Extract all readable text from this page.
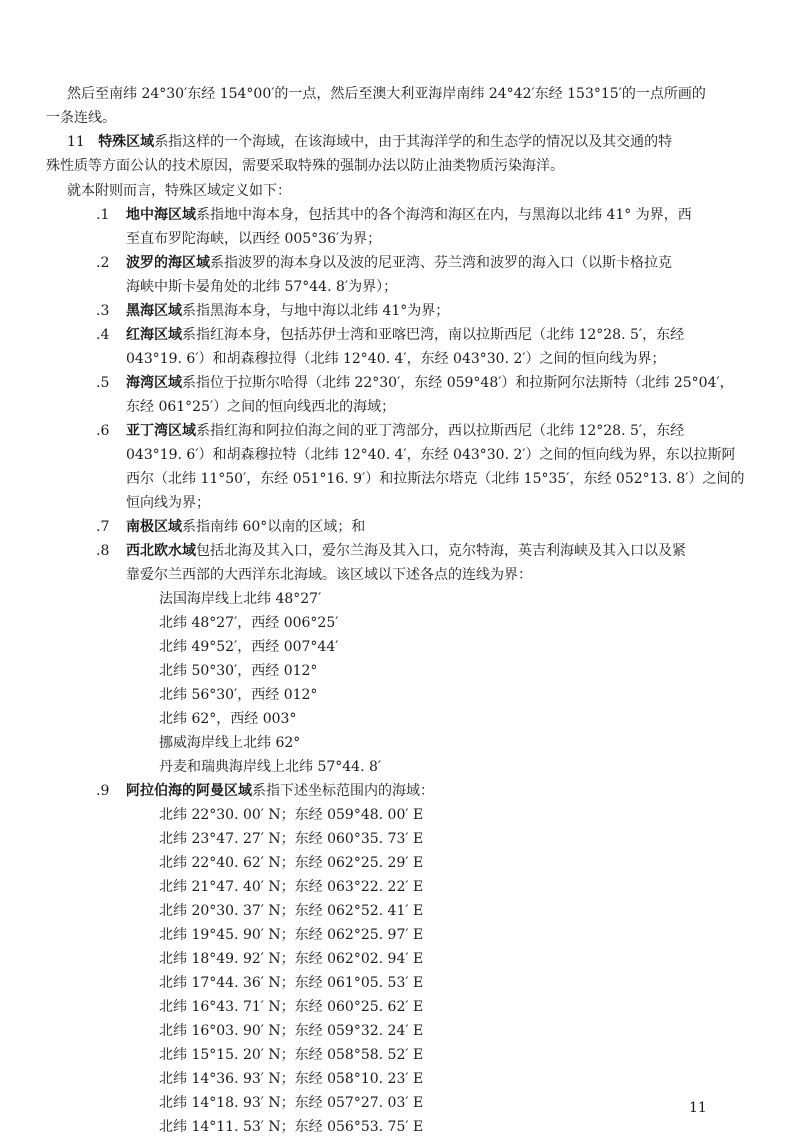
然后至南纬 24°30′东经 154°00′的一点，然后至澳大利亚海岸南纬 24°42′东经 153°15′的一点所画的
一条连线。
11 特殊区域系指这样的一个海域，在该海域中，由于其海洋学的和生态学的情况以及其交通的特
殊性质等方面公认的技术原因，需要采取特殊的强制办法以防止油类物质污染海洋。
就本附则而言，特殊区域定义如下：
.1 地中海区域系指地中海本身，包括其中的各个海湾和海区在内，与黑海以北纬 41° 为界，西
至直布罗陀海峡，以西经 005°36′为界；
.2 波罗的海区域系指波罗的海本身以及波的尼亚湾、芬兰湾和波罗的海入口（以斯卡格拉克
海峡中斯卡晏角处的北纬 57°44. 8′为界）；
.3 黑海区域系指黑海本身，与地中海以北纬 41°为界；
.4 红海区域系指红海本身，包括苏伊士湾和亚喀巴湾，南以拉斯西尼（北纬 12°28. 5′，东经
043°19. 6′）和胡森穆拉得（北纬 12°40. 4′，东经 043°30. 2′）之间的恒向线为界；
.5 海湾区域系指位于拉斯尔哈得（北纬 22°30′，东经 059°48′）和拉斯阿尔法斯特（北纬 25°04′，
东经 061°25′）之间的恒向线西北的海域；
.6 亚丁湾区域系指红海和阿拉伯海之间的亚丁湾部分，西以拉斯西尼（北纬 12°28. 5′，东经
043°19. 6′）和胡森穆拉特（北纬 12°40. 4′，东经 043°30. 2′）之间的恒向线为界，东以拉斯阿
西尔（北纬 11°50′，东经 051°16. 9′）和拉斯法尔塔克（北纬 15°35′，东经 052°13. 8′）之间的
恒向线为界；
.7 南极区域系指南纬 60°以南的区域；和
.8 西北欧水域包括北海及其入口，爱尔兰海及其入口，克尔特海，英吉利海峡及其入口以及紧
靠爱尔兰西部的大西洋东北海域。该区域以下述各点的连线为界：
法国海岸线上北纬 48°27′
北纬 48°27′，西经 006°25′
北纬 49°52′，西经 007°44′
北纬 50°30′，西经 012°
北纬 56°30′，西经 012°
北纬 62°，西经 003°
挪威海岸线上北纬 62°
丹麦和瑞典海岸线上北纬 57°44. 8′
.9 阿拉伯海的阿曼区域系指下述坐标范围内的海域：
北纬 22°30. 00′ N；东经 059°48. 00′ E
北纬 23°47. 27′ N；东经 060°35. 73′ E
北纬 22°40. 62′ N；东经 062°25. 29′ E
北纬 21°47. 40′ N；东经 063°22. 22′ E
北纬 20°30. 37′ N；东经 062°52. 41′ E
北纬 19°45. 90′ N；东经 062°25. 97′ E
北纬 18°49. 92′ N；东经 062°02. 94′ E
北纬 17°44. 36′ N；东经 061°05. 53′ E
北纬 16°43. 71′ N；东经 060°25. 62′ E
北纬 16°03. 90′ N；东经 059°32. 24′ E
北纬 15°15. 20′ N；东经 058°58. 52′ E
北纬 14°36. 93′ N；东经 058°10. 23′ E
北纬 14°18. 93′ N；东经 057°27. 03′ E
北纬 14°11. 53′ N；东经 056°53. 75′ E
11
